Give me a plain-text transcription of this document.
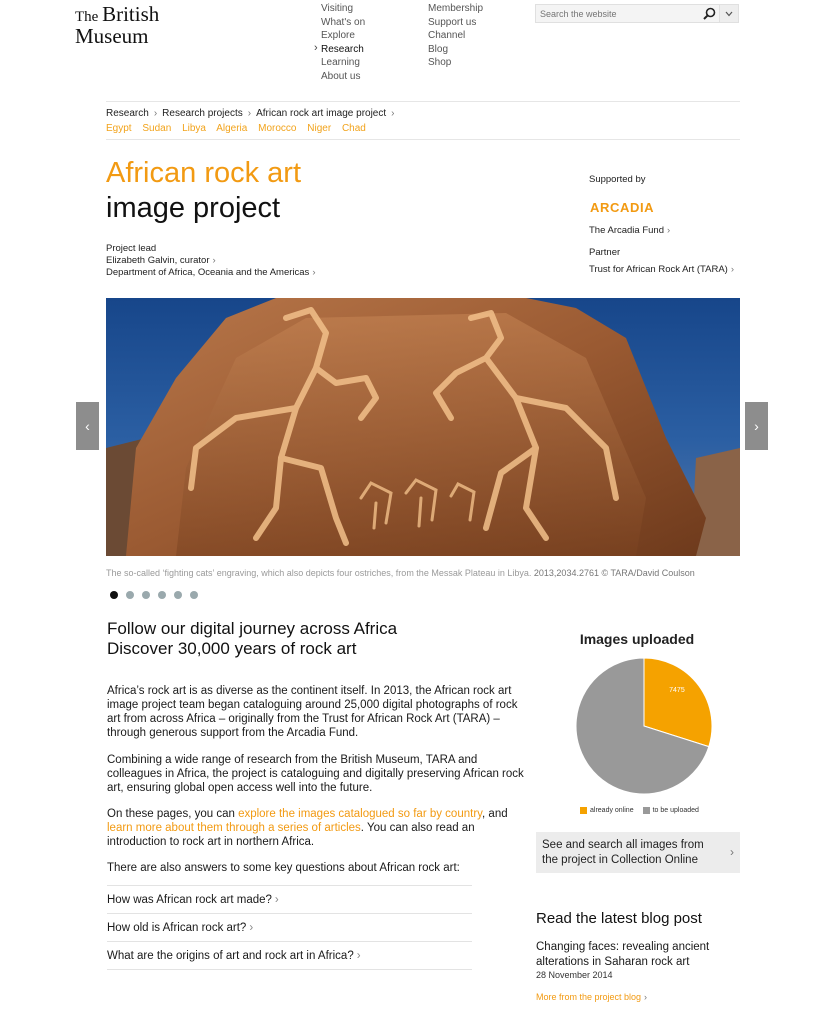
The British
Museum
Visiting
What's on
Explore
› Research
Learning
About us
Membership
Support us
Channel
Blog
Shop
Search the website
Research › Research projects › African rock art image project ›
Egypt Sudan Libya Algeria Morocco Niger Chad
African rock art
image project
Project lead
Elizabeth Galvin, curator ›
Department of Africa, Oceania and the Americas ›
Supported by
ARCADIA
The Arcadia Fund ›
Partner
Trust for African Rock Art (TARA) ›
‹	›
The so-called ‘fighting cats’ engraving, which also depicts four ostriches, from the Messak Plateau in Libya. 2013,2034.2761 © TARA/David Coulson
Follow our digital journey across Africa
Discover 30,000 years of rock art
Africa’s rock art is as diverse as the continent itself. In 2013, the African rock art image project team began cataloguing around 25,000 digital photographs of rock art from across Africa – originally from the Trust for African Rock Art (TARA) – through generous support from the Arcadia Fund.
Combining a wide range of research from the British Museum, TARA and colleagues in Africa, the project is cataloguing and digitally preserving African rock art, ensuring global open access well into the future.
On these pages, you can explore the images catalogued so far by country, and learn more about them through a series of articles. You can also read an introduction to rock art in northern Africa.
There are also answers to some key questions about African rock art:
How was African rock art made? ›
How old is African rock art? ›
What are the origins of art and rock art in Africa? ›
Images uploaded
7475
already online	to be uploaded
See and search all images from the project in Collection Online
›
Read the latest blog post
Changing faces: revealing ancient alterations in Saharan rock art
28 November 2014
More from the project blog ›
